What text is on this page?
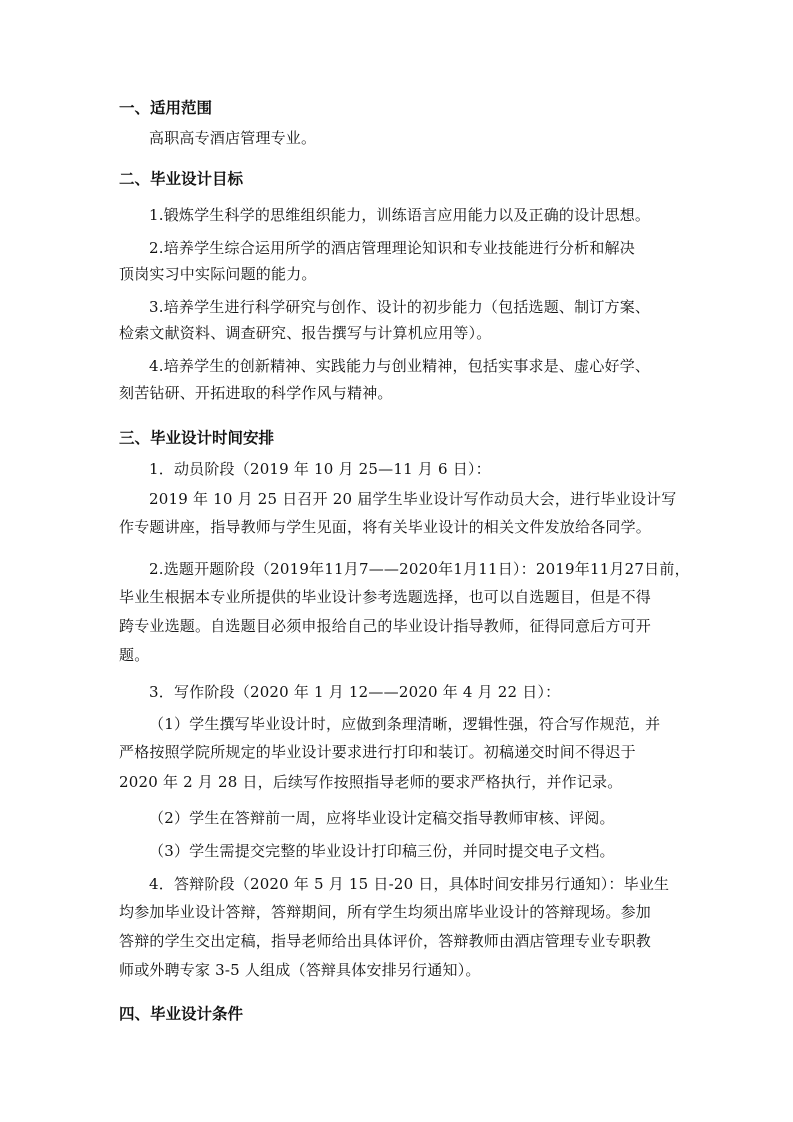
一、适用范围

高职高专酒店管理专业。

二、毕业设计目标

1.锻炼学生科学的思维组织能力，训练语言应用能力以及正确的设计思想。

2.培养学生综合运用所学的酒店管理理论知识和专业技能进行分析和解决

顶岗实习中实际问题的能力。

3.培养学生进行科学研究与创作、设计的初步能力（包括选题、制订方案、

检索文献资料、调查研究、报告撰写与计算机应用等）。

4.培养学生的创新精神、实践能力与创业精神，包括实事求是、虚心好学、

刻苦钻研、开拓进取的科学作风与精神。

三、毕业设计时间安排

1．动员阶段（2019 年 10 月 25—11 月 6 日）：

2019 年 10 月 25 日召开 20 届学生毕业设计写作动员大会，进行毕业设计写

作专题讲座，指导教师与学生见面，将有关毕业设计的相关文件发放给各同学。

2.选题开题阶段（2019年11月7——2020年1月11日）：2019年11月27日前，

毕业生根据本专业所提供的毕业设计参考选题选择，也可以自选题目，但是不得

跨专业选题。自选题目必须申报给自己的毕业设计指导教师，征得同意后方可开

题。

3．写作阶段（2020 年 1 月 12——2020 年 4 月 22 日）：

（1）学生撰写毕业设计时，应做到条理清晰，逻辑性强，符合写作规范，并

严格按照学院所规定的毕业设计要求进行打印和装订。初稿递交时间不得迟于

2020 年 2 月 28 日，后续写作按照指导老师的要求严格执行，并作记录。

（2）学生在答辩前一周，应将毕业设计定稿交指导教师审核、评阅。

（3）学生需提交完整的毕业设计打印稿三份，并同时提交电子文档。

4．答辩阶段（2020 年 5 月 15 日-20 日，具体时间安排另行通知）：毕业生

均参加毕业设计答辩，答辩期间，所有学生均须出席毕业设计的答辩现场。参加

答辩的学生交出定稿，指导老师给出具体评价，答辩教师由酒店管理专业专职教

师或外聘专家 3-5 人组成（答辩具体安排另行通知）。

四、毕业设计条件
